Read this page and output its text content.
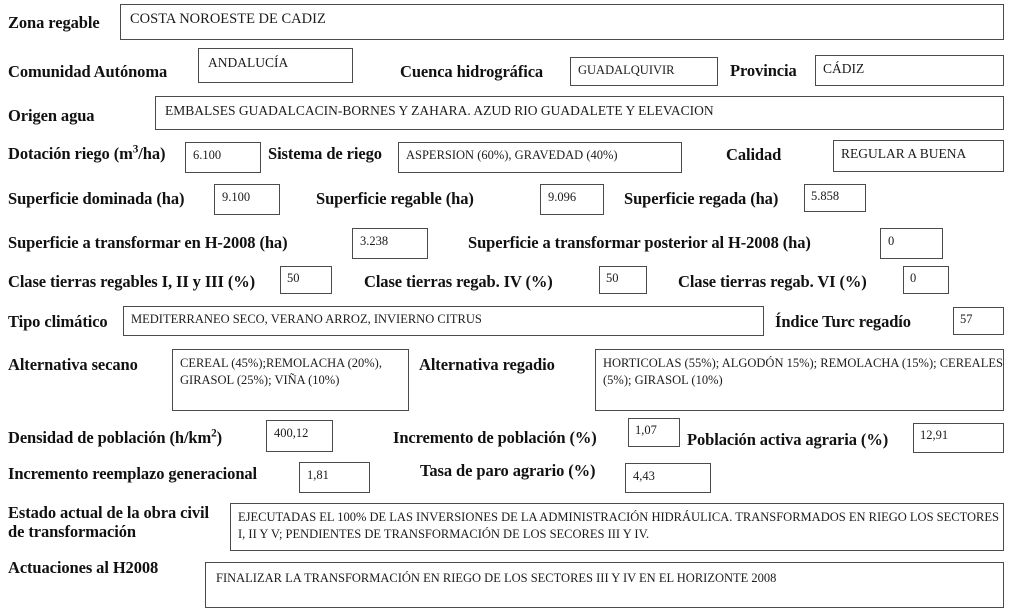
Zona regable	COSTA NOROESTE DE CADIZ
Comunidad Autónoma	ANDALUCÍA	Cuenca hidrográfica	GUADALQUIVIR	Provincia	CÁDIZ
Origen agua	EMBALSES GUADALCACIN-BORNES Y ZAHARA. AZUD RIO GUADALETE Y ELEVACION
Dotación riego $(m^3/ha)$	6.100	Sistema de riego	ASPERSION (60%), GRAVEDAD (40%)	Calidad	REGULAR A BUENA
Superficie dominada (ha)	9.100	Superficie regable (ha)	9.096	Superficie regada (ha)	5.858
Superficie a transformar en H-2008 (ha)	3.238	Superficie a transformar posterior al H-2008 (ha)	0
Clase tierras regables I, II y III (%)	50	Clase tierras regab. IV (%)	50	Clase tierras regab. VI (%)	0
Tipo climático	MEDITERRANEO SECO, VERANO ARROZ, INVIERNO CITRUS	Índice Turc regadío	57
Alternativa secano	CEREAL (45%);REMOLACHA (20%), GIRASOL (25%); VIÑA (10%)
Alternativa regadio	HORTICOLAS (55%); ALGODÓN 15%); REMOLACHA (15%); CEREALES (5%); GIRASOL (10%)
Densidad de población $(h/km^2)$	400,12	Incremento de población (%)	1,07	Población activa agraria (%)	12,91
Incremento reemplazo generacional	1,81	Tasa de paro agrario (%)	4,43
Estado actual de la obra civil
de transformación
EJECUTADAS EL 100% DE LAS INVERSIONES DE LA ADMINISTRACIÓN HIDRÁULICA. TRANSFORMADOS EN RIEGO LOS SECTORES I, II Y V; PENDIENTES DE TRANSFORMACIÓN DE LOS SECORES III Y IV.
Actuaciones al H2008
FINALIZAR LA TRANSFORMACIÓN EN RIEGO DE LOS SECTORES III Y IV EN EL HORIZONTE 2008
